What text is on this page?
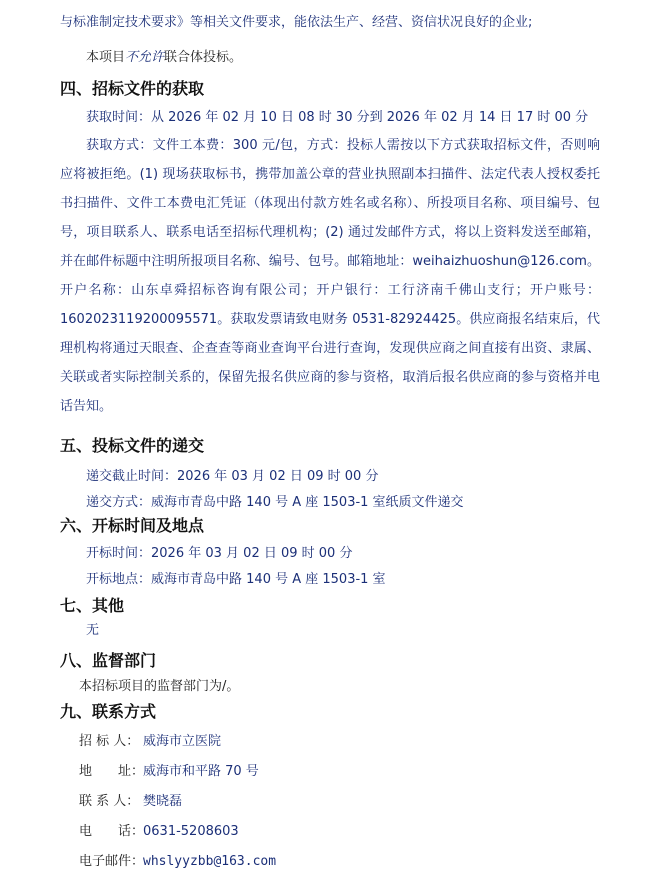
与标准制定技术要求》等相关文件要求，能依法生产、经营、资信状况良好的企业;
本项目不允许联合体投标。
四、招标文件的获取
获取时间：从 2026 年 02 月 10 日 08 时 30 分到 2026 年 02 月 14 日 17 时 00 分
获取方式：文件工本费：300 元/包，方式：投标人需按以下方式获取招标文件，否则响应将被拒绝。(1) 现场获取标书，携带加盖公章的营业执照副本扫描件、法定代表人授权委托书扫描件、文件工本费电汇凭证（体现出付款方姓名或名称）、所投项目名称、项目编号、包号，项目联系人、联系电话至招标代理机构；(2) 通过发邮件方式，将以上资料发送至邮箱，并在邮件标题中注明所报项目名称、编号、包号。邮箱地址：weihaizhuoshun@126.com。开户名称：山东卓舜招标咨询有限公司；开户银行：工行济南千佛山支行；开户账号：1602023119200095571。获取发票请致电财务 0531-82924425。供应商报名结束后，代理机构将通过天眼查、企查查等商业查询平台进行查询，发现供应商之间直接有出资、隶属、关联或者实际控制关系的，保留先报名供应商的参与资格，取消后报名供应商的参与资格并电话告知。
五、投标文件的递交
递交截止时间：2026 年 03 月 02 日 09 时 00 分
递交方式：威海市青岛中路 140 号 A 座 1503-1 室纸质文件递交
六、开标时间及地点
开标时间：2026 年 03 月 02 日 09 时 00 分
开标地点：威海市青岛中路 140 号 A 座 1503-1 室
七、其他
无
八、监督部门
本招标项目的监督部门为/。
九、联系方式
招 标 人： 威海市立医院
地　　址：威海市和平路 70 号
联 系 人： 樊晓磊
电　　话：0631-5208603
电子邮件：whslyyzbb@163.com
